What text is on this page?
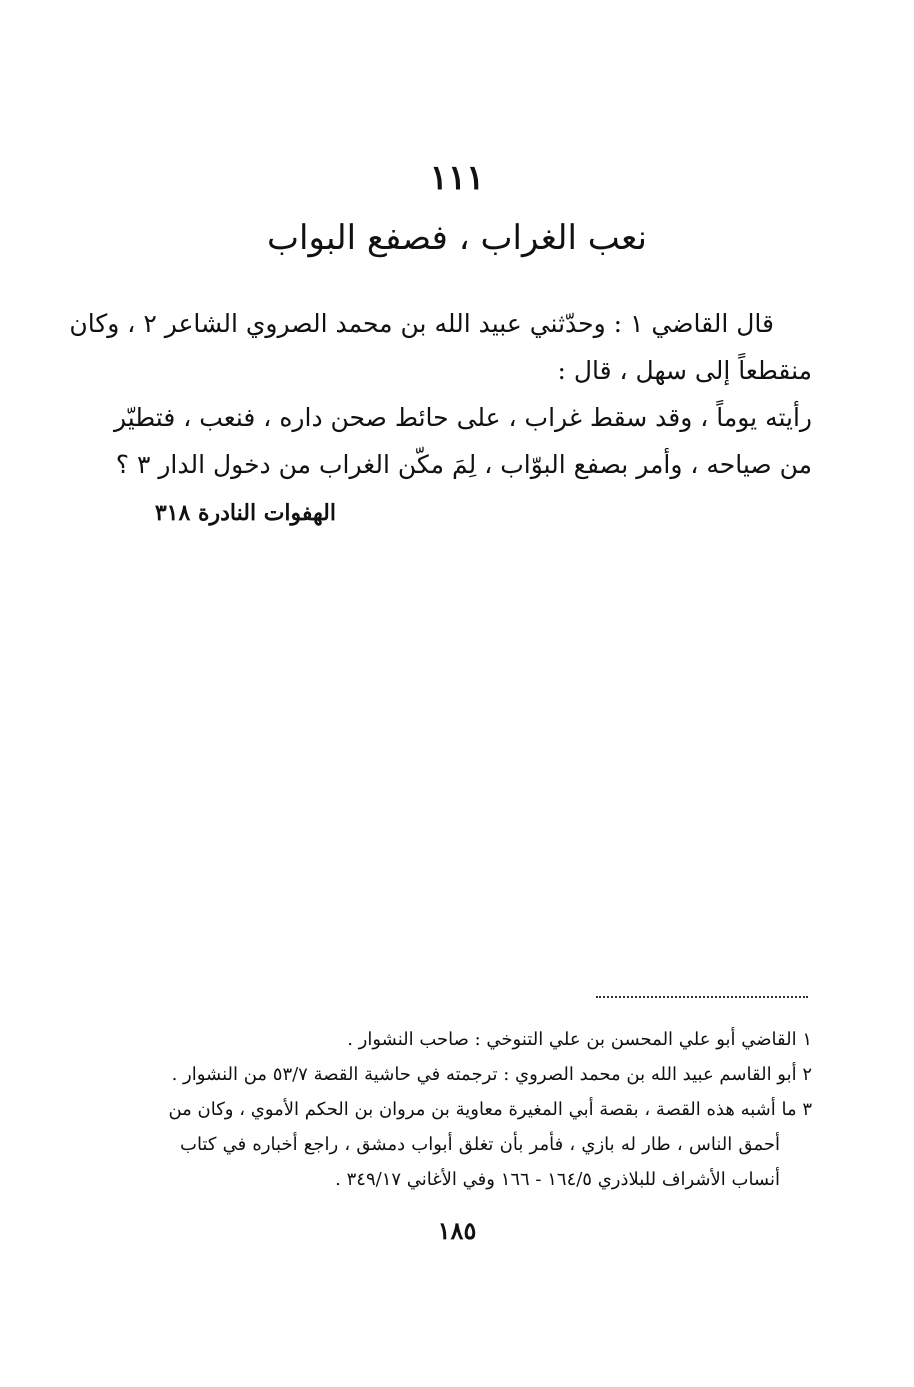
١١١
نعب الغراب ، فصفع البواب
قال القاضي ١ : وحدّثني عبيد الله بن محمد الصروي الشاعر ٢ ، وكان
منقطعاً إلى سهل ، قال :
رأيته يوماً ، وقد سقط غراب ، على حائط صحن داره ، فنعب ، فتطيّر
من صياحه ، وأمر بصفع البوّاب ، لِمَ مكّن الغراب من دخول الدار ٣ ؟
الهفوات النادرة ٣١٨
١ القاضي أبو علي المحسن بن علي التنوخي : صاحب النشوار .
٢ أبو القاسم عبيد الله بن محمد الصروي : ترجمته في حاشية القصة ٥٣/٧ من النشوار .
٣ ما أشبه هذه القصة ، بقصة أبي المغيرة معاوية بن مروان بن الحكم الأموي ، وكان من
أحمق الناس ، طار له بازي ، فأمر بأن تغلق أبواب دمشق ، راجع أخباره في كتاب
أنساب الأشراف للبلاذري ١٦٤/٥ - ١٦٦ وفي الأغاني ٣٤٩/١٧ .
١٨٥
